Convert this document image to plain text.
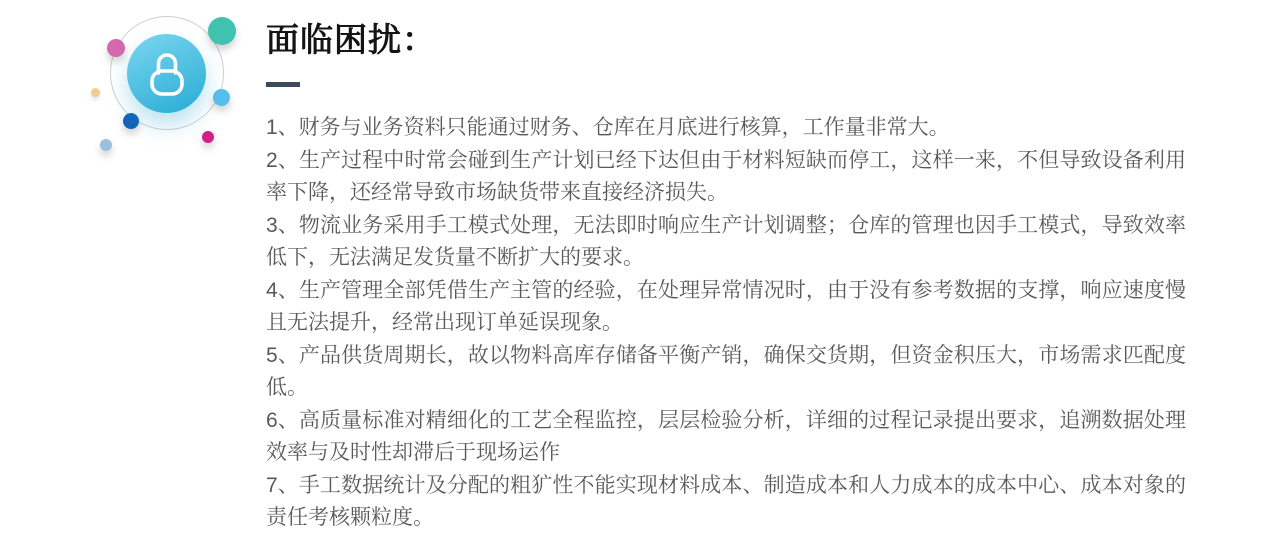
面临困扰：
1、财务与业务资料只能通过财务、仓库在月底进行核算，工作量非常大。
2、生产过程中时常会碰到生产计划已经下达但由于材料短缺而停工，这样一来，不但导致设备利用率下降，还经常导致市场缺货带来直接经济损失。
3、物流业务采用手工模式处理，无法即时响应生产计划调整；仓库的管理也因手工模式，导致效率低下，无法满足发货量不断扩大的要求。
4、生产管理全部凭借生产主管的经验，在处理异常情况时，由于没有参考数据的支撑，响应速度慢且无法提升，经常出现订单延误现象。
5、产品供货周期长，故以物料高库存储备平衡产销，确保交货期，但资金积压大，市场需求匹配度低。
6、高质量标准对精细化的工艺全程监控，层层检验分析，详细的过程记录提出要求，追溯数据处理效率与及时性却滞后于现场运作
7、手工数据统计及分配的粗犷性不能实现材料成本、制造成本和人力成本的成本中心、成本对象的责任考核颗粒度。
